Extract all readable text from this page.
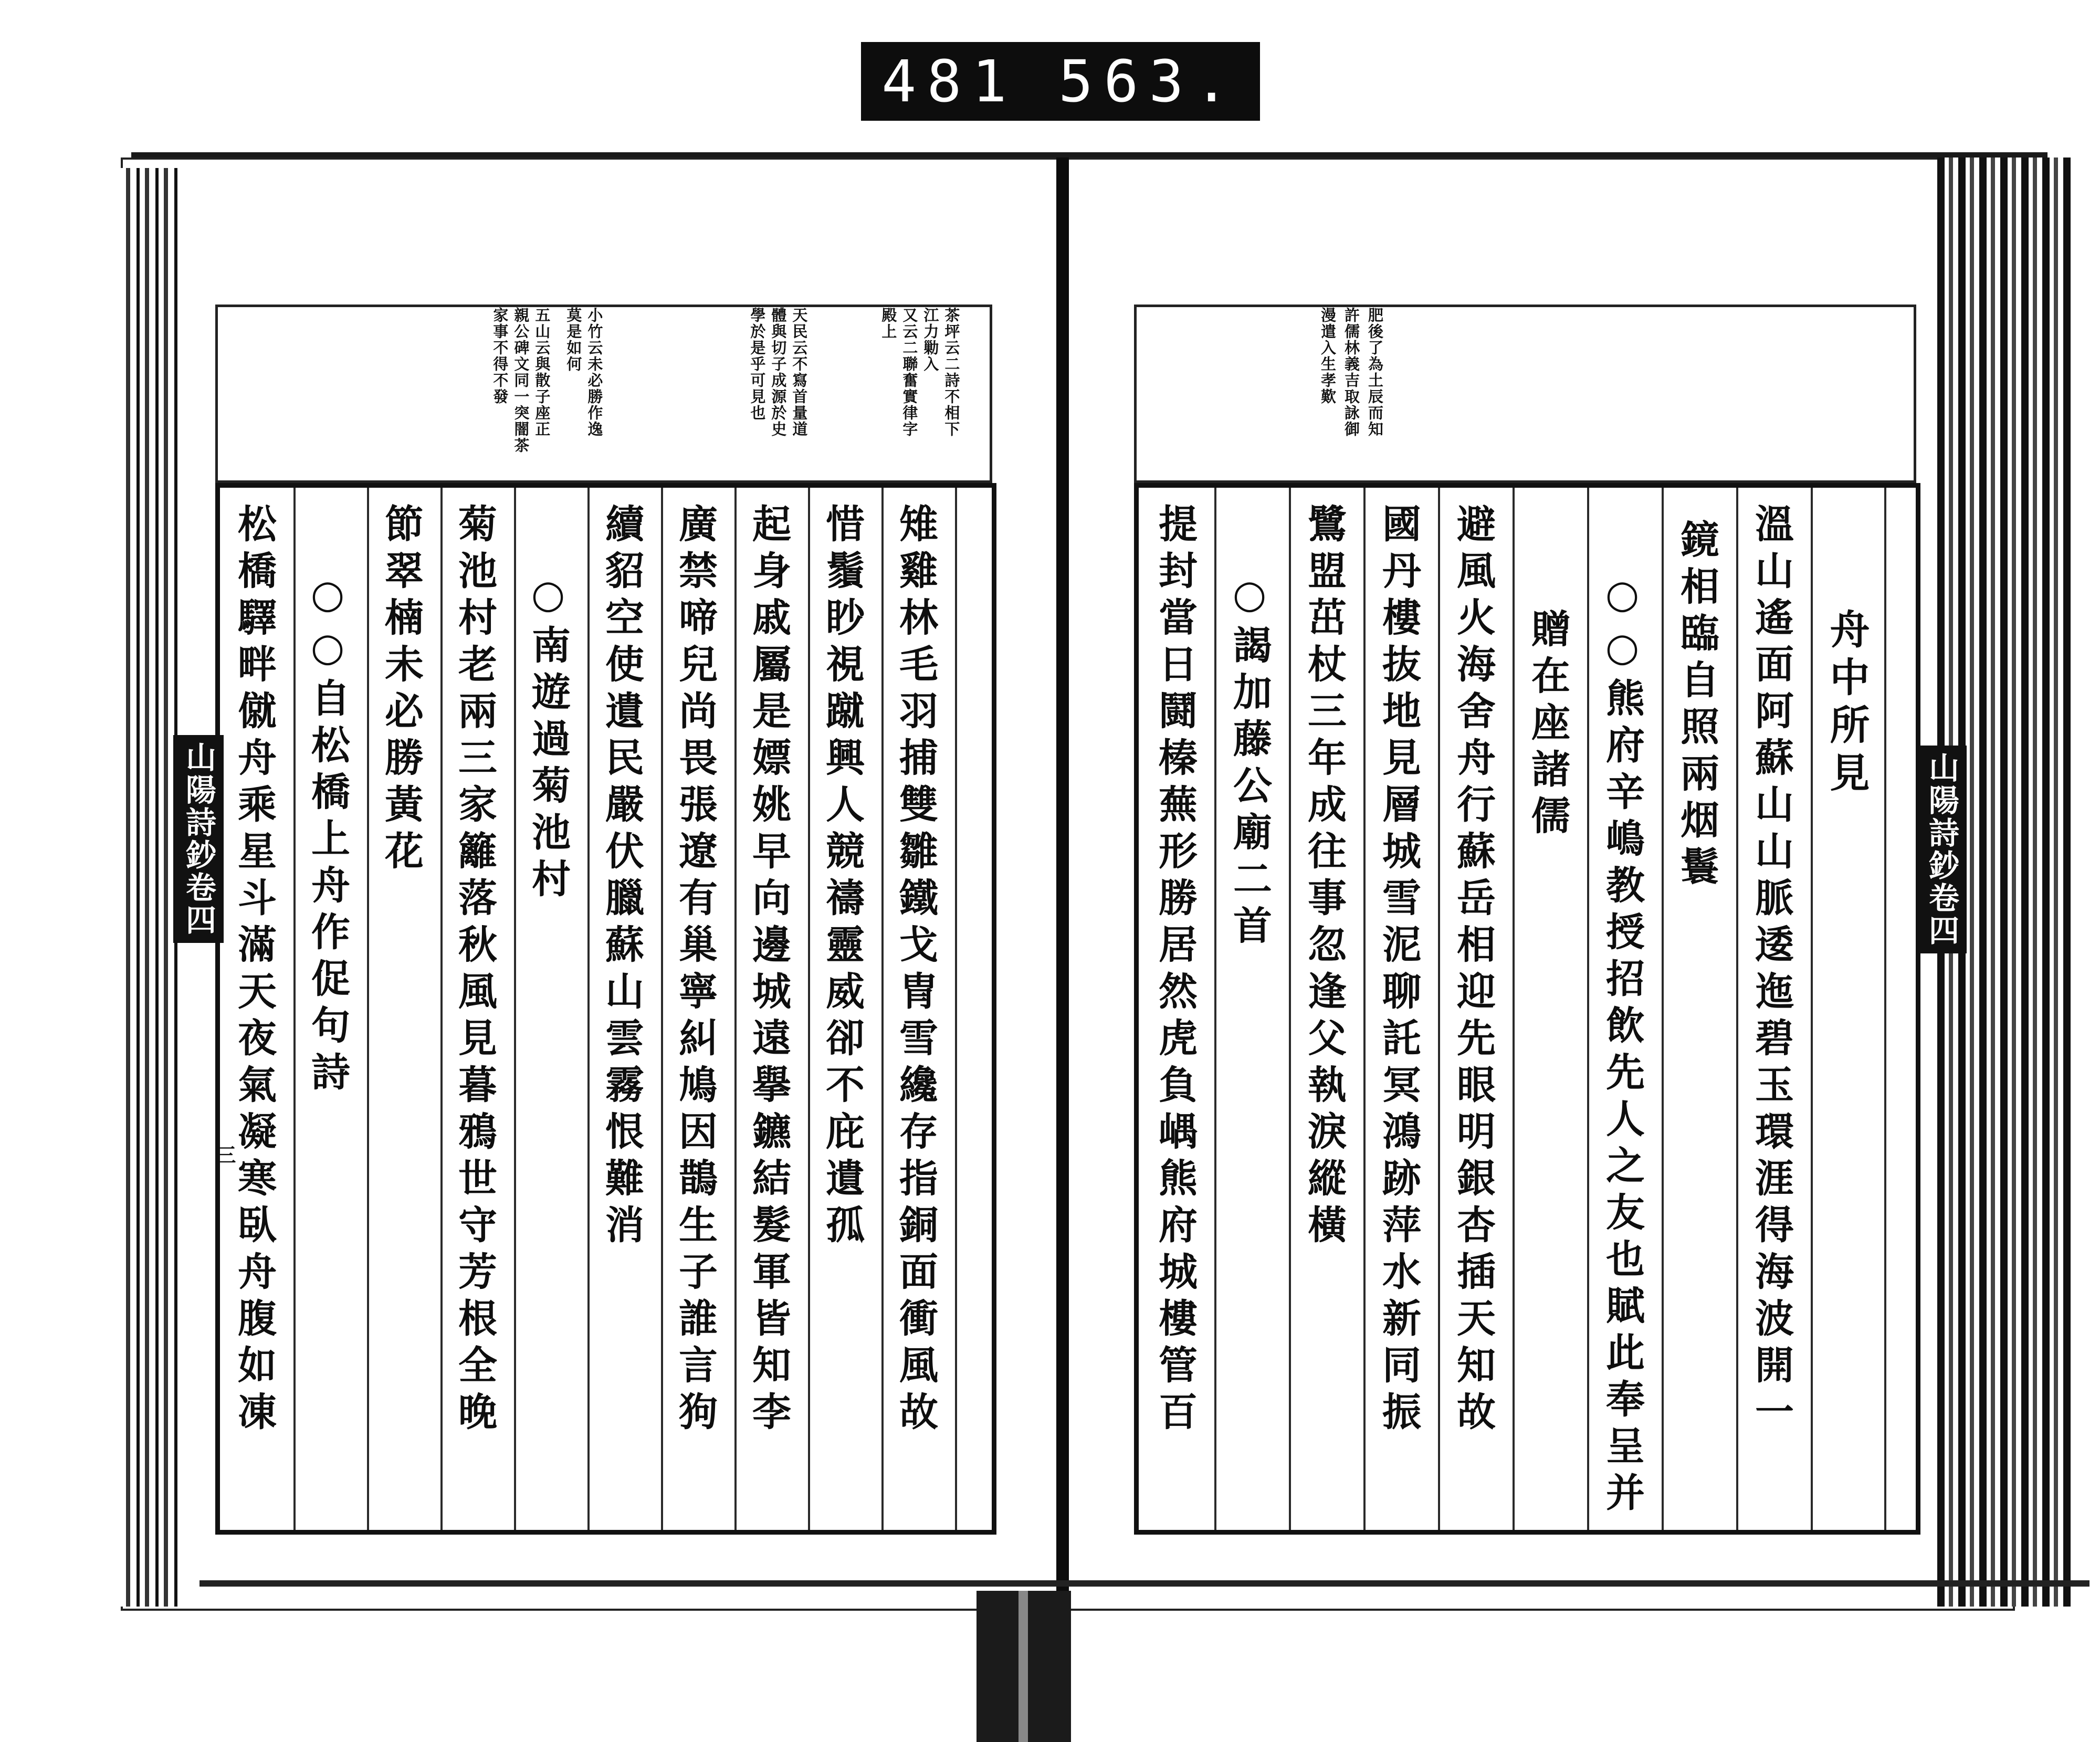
481 563.
肥後了為土辰而知
許儒林義吉取詠御
漫遣入生孝歎
舟中所見
溫山遙面阿蘇山山脈逶迤碧玉環涯得海波開一
鏡相臨自照兩烟鬟
○○熊府辛嶋教授招飲先人之友也賦此奉呈并
贈在座諸儒
避風火海舍舟行蘇岳相迎先眼明銀杏插天知故
國丹樓抜地見層城雪泥聊託冥鴻跡萍水新同振
鷺盟茁杖三年成往事忽逢父執淚縱橫
○謁加藤公廟二首
提封當日鬪榛蕪形勝居然虎負嵎熊府城樓管百	山陽詩鈔卷四
茶坪云二詩不相下
江力勦入
又云二聯奮實律字
殿上
天民云不寫首量道
體與切子成源於史
學於是乎可見也
小竹云未必勝作逸
莫是如何
五山云與散子座正
親公碑文同一突闇茶
家事不得不發
雉雞林毛羽捕雙雛鐵戈冑雪纔存指銅面衝風故
惜鬚眇視蹴興人競禱靈威卻不庇遺孤
起身戚屬是嫖姚早向邊城遠擧鑣結髮軍皆知李
廣禁啼兒尚畏張遼有巢寧糾鳩因鵲生子誰言狗
續貂空使遺民嚴伏臘蘇山雲霧恨難消
○南遊過菊池村
菊池村老兩三家籬落秋風見暮鴉世守芳根全晚
節翠楠未必勝黃花
○○自松橋上舟作促句詩
松橋驛畔僦舟乘星斗滿天夜氣凝寒臥舟腹如凍
山陽詩鈔卷四
三
